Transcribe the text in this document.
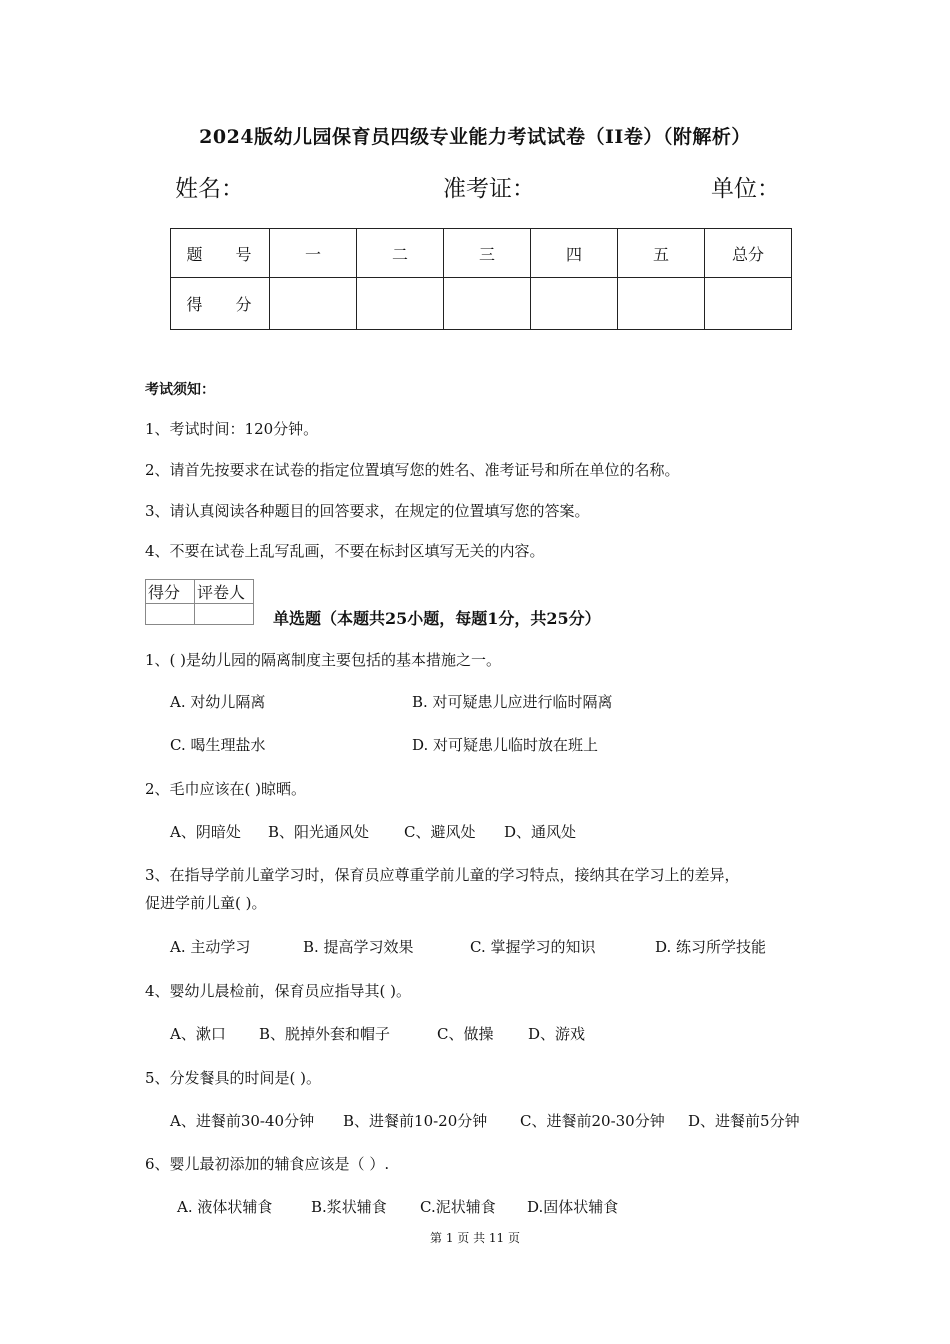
2024版幼儿园保育员四级专业能力考试试卷（II卷）（附解析）
姓名：	准考证：	单位：
题 号	一	二	三	四	五	总分
得 分						
考试须知：
1、考试时间：120分钟。
2、请首先按要求在试卷的指定位置填写您的姓名、准考证号和所在单位的名称。
3、请认真阅读各种题目的回答要求，在规定的位置填写您的答案。
4、不要在试卷上乱写乱画，不要在标封区填写无关的内容。
得分	评卷人

单选题（本题共25小题，每题1分，共25分）
1、( )是幼儿园的隔离制度主要包括的基本措施之一。
A. 对幼儿隔离	B. 对可疑患儿应进行临时隔离
C. 喝生理盐水	D. 对可疑患儿临时放在班上
2、毛巾应该在( )晾晒。
A、阴暗处 B、阳光通风处 C、避风处 D、通风处
3、在指导学前儿童学习时，保育员应尊重学前儿童的学习特点，接纳其在学习上的差异，
促进学前儿童( )。
A. 主动学习	B. 提高学习效果	C. 掌握学习的知识	D. 练习所学技能
4、婴幼儿晨检前，保育员应指导其( )。
A、漱口 B、脱掉外套和帽子	C、做操 D、游戏
5、分发餐具的时间是( )。
A、进餐前30-40分钟 B、进餐前10-20分钟 C、进餐前20-30分钟 D、进餐前5分钟
6、婴儿最初添加的辅食应该是（ ）.
A. 液体状辅食	B.浆状辅食 C.泥状辅食 D.固体状辅食
第 1 页 共 11 页
